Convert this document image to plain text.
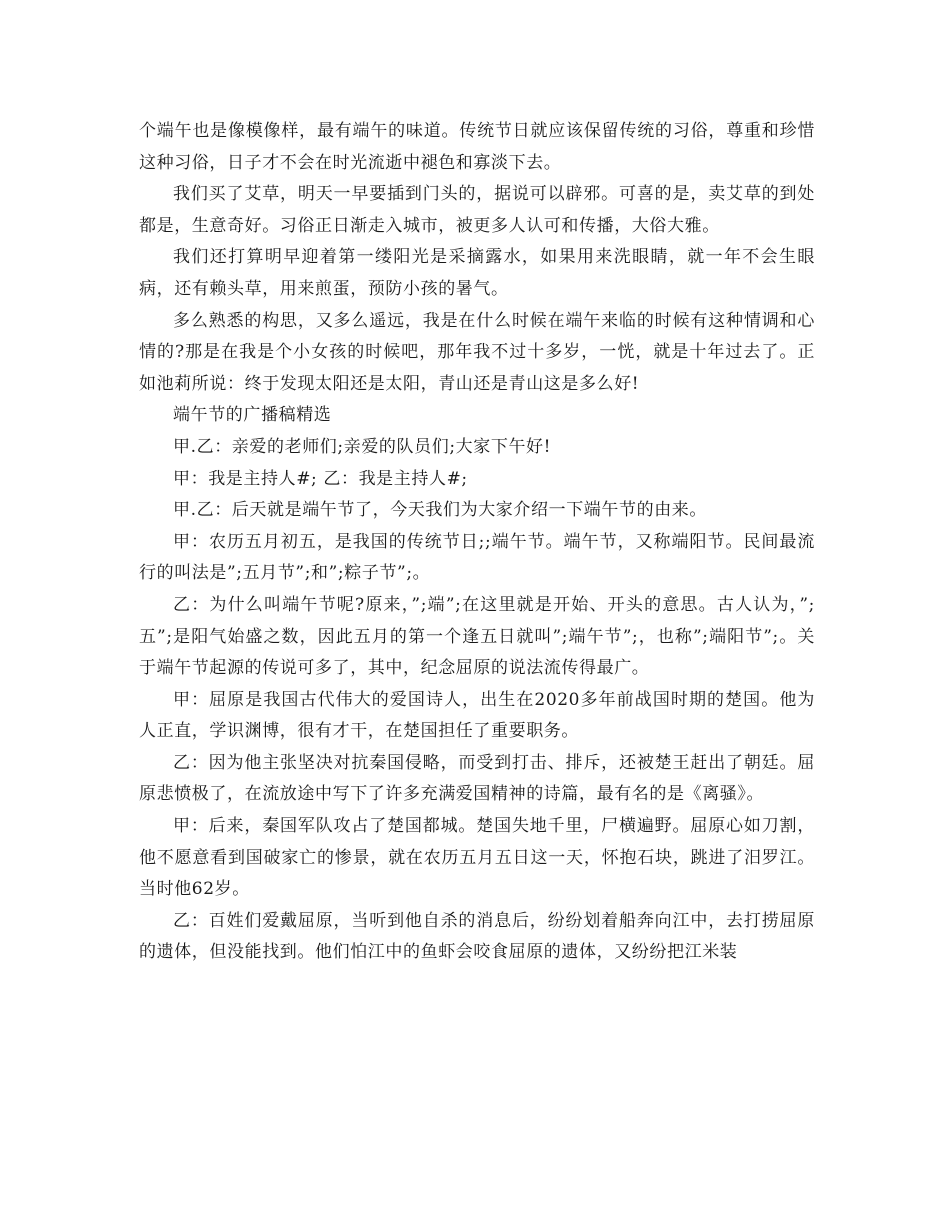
个端午也是像模像样，最有端午的味道。传统节日就应该保留传统的习俗，尊重和珍惜这种习俗，日子才不会在时光流逝中褪色和寡淡下去。

我们买了艾草，明天一早要插到门头的，据说可以辟邪。可喜的是，卖艾草的到处都是，生意奇好。习俗正日渐走入城市，被更多人认可和传播，大俗大雅。

我们还打算明早迎着第一缕阳光是采摘露水，如果用来洗眼睛，就一年不会生眼病，还有赖头草，用来煎蛋，预防小孩的暑气。

多么熟悉的构思，又多么遥远，我是在什么时候在端午来临的时候有这种情调和心情的?那是在我是个小女孩的时候吧，那年我不过十多岁，一恍，就是十年过去了。正如池莉所说：终于发现太阳还是太阳，青山还是青山这是多么好!

端午节的广播稿精选

甲.乙：亲爱的老师们;亲爱的队员们;大家下午好!

甲：我是主持人#; 乙：我是主持人#;

甲.乙：后天就是端午节了，今天我们为大家介绍一下端午节的由来。

甲：农历五月初五，是我国的传统节日;;端午节。端午节，又称端阳节。民间最流行的叫法是”;五月节”;和”;粽子节”;。

乙：为什么叫端午节呢?原来，”;端”;在这里就是开始、开头的意思。古人认为，”;五”;是阳气始盛之数，因此五月的第一个逢五日就叫”;端午节”;，也称”;端阳节”;。关于端午节起源的传说可多了，其中，纪念屈原的说法流传得最广。

甲：屈原是我国古代伟大的爱国诗人，出生在2020多年前战国时期的楚国。他为人正直，学识渊博，很有才干，在楚国担任了重要职务。

乙：因为他主张坚决对抗秦国侵略，而受到打击、排斥，还被楚王赶出了朝廷。屈原悲愤极了，在流放途中写下了许多充满爱国精神的诗篇，最有名的是《离骚》。

甲：后来，秦国军队攻占了楚国都城。楚国失地千里，尸横遍野。屈原心如刀割，他不愿意看到国破家亡的惨景，就在农历五月五日这一天，怀抱石块，跳进了汨罗江。当时他62岁。

乙：百姓们爱戴屈原，当听到他自杀的消息后，纷纷划着船奔向江中，去打捞屈原的遗体，但没能找到。他们怕江中的鱼虾会咬食屈原的遗体，又纷纷把江米装
